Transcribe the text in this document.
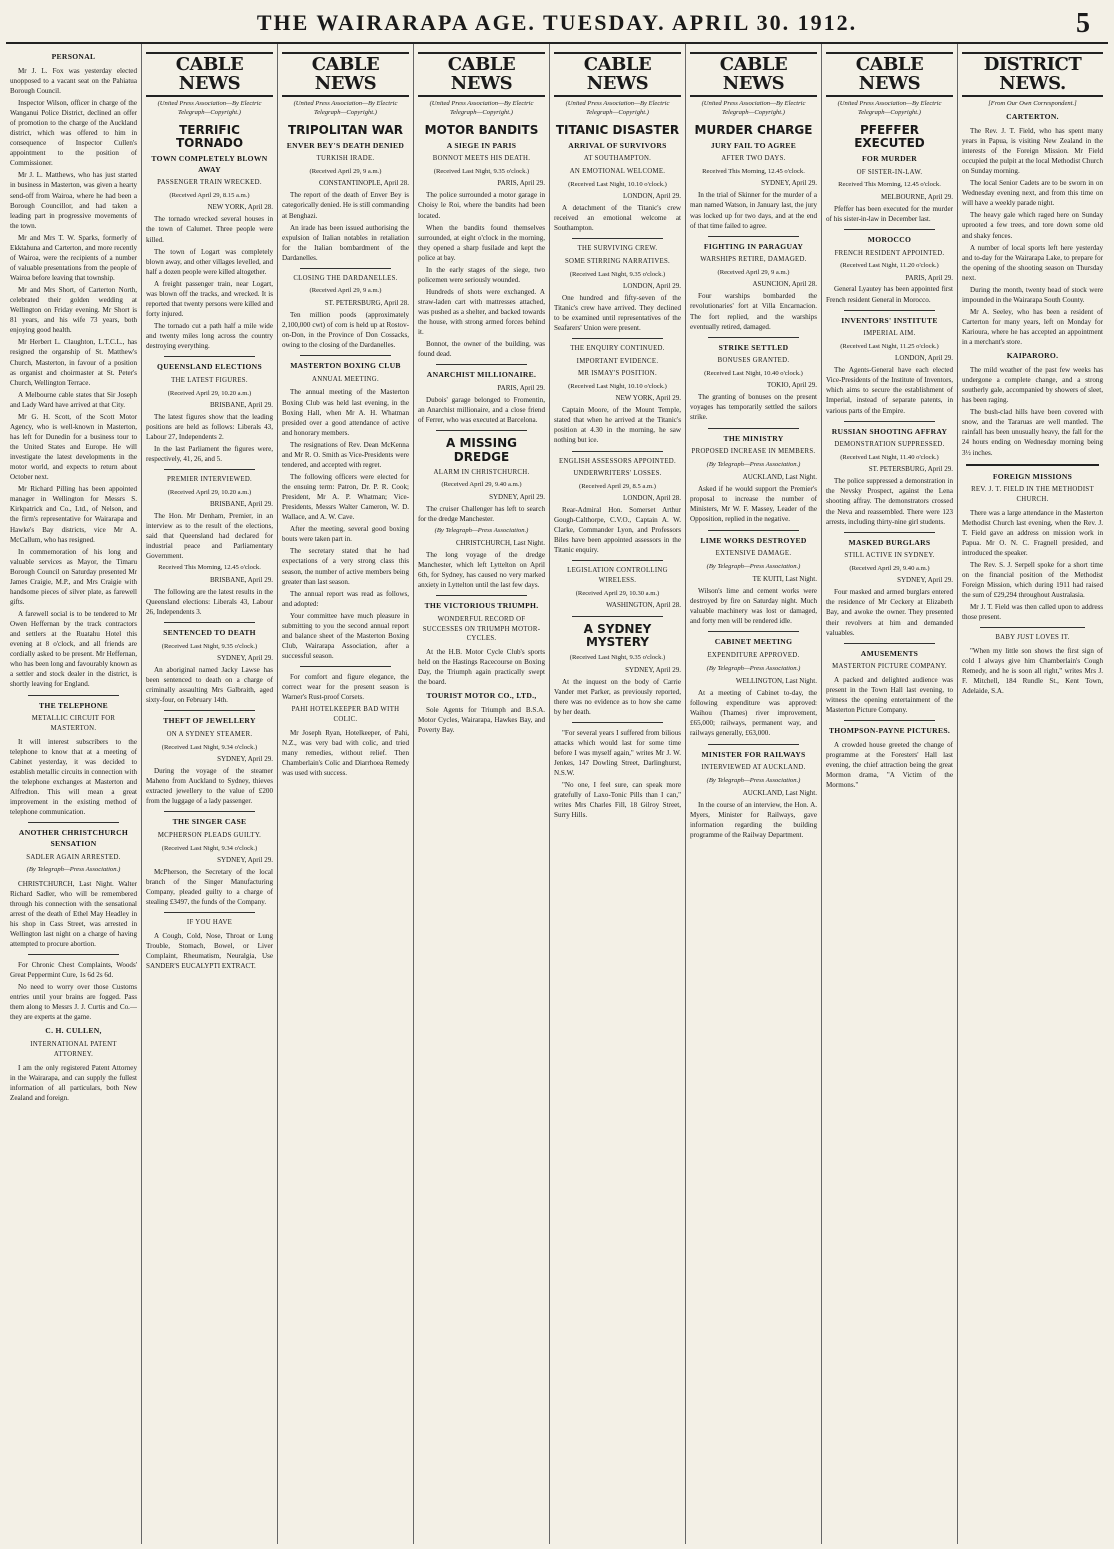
THE WAIRARAPA AGE. TUESDAY. APRIL 30. 1912.	5
PERSONAL
Mr J. L. Fox was yesterday elected unopposed to a vacant seat on the Pahiatua Borough Council.
Inspector Wilson, officer in charge of the Wanganui Police District, declined an offer of promotion to the charge of the Auckland district, which was offered to him in consequence of Inspector Cullen's appointment to the position of Commissioner.
Mr J. L. Matthews, who has just started in business in Masterton, was given a hearty send-off from Wairoa, where he had been a Borough Councillor, and had taken a leading part in progressive movements of the town.
Mr and Mrs T. W. Sparks, formerly of Ekktahuna and Carterton, and more recently of Wairoa, were the recipients of a number of valuable presentations from the people of Wairoa before leaving that township.
Mr and Mrs Short, of Carterton North, celebrated their golden wedding at Wellington on Friday evening. Mr Short is 81 years, and his wife 73 years, both enjoying good health.
Mr Herbert L. Claughton, L.T.C.L., has resigned the organship of St. Matthew's Church, Masterton, in favour of a position as organist and choirmaster at St. Peter's Church, Wellington Terrace.
A Melbourne cable states that Sir Joseph and Lady Ward have arrived at that City.
Mr G. H. Scott, of the Scott Motor Agency, who is well-known in Masterton, has left for Dunedin for a business tour to the United States and Europe. He will investigate the latest developments in the motor world, and expects to return about October next.
Mr Richard Pilling has been appointed manager in Wellington for Messrs S. Kirkpatrick and Co., Ltd., of Nelson, and the firm's representative for Wairarapa and Hawke's Bay districts, vice Mr A. McCallum, who has resigned.
In commemoration of his long and valuable services as Mayor, the Timaru Borough Council on Saturday presented Mr James Craigie, M.P., and Mrs Craigie with handsome pieces of silver plate, as farewell gifts.
A farewell social is to be tendered to Mr Owen Heffernan by the track contractors and settlers at the Ruatahu Hotel this evening at 8 o'clock, and all friends are cordially asked to be present. Mr Heffernan, who has been long and favourably known as a settler and stock dealer in the district, is shortly leaving for England.
THE TELEPHONE
METALLIC CIRCUIT FOR MASTERTON.
It will interest subscribers to the telephone to know that at a meeting of Cabinet yesterday, it was decided to establish metallic circuits in connection with the telephone exchanges at Masterton and Alfredton. This will mean a great improvement in the existing method of telephone communication.
ANOTHER CHRISTCHURCH SENSATION
SADLER AGAIN ARRESTED.
(By Telegraph—Press Association.)
CHRISTCHURCH, Last Night. Walter Richard Sadler, who will be remembered through his connection with the sensational arrest of the death of Ethel May Headley in his shop in Cass Street, was arrested in Wellington last night on a charge of having attempted to procure abortion.
For Chronic Chest Complaints, Woods' Great Peppermint Cure, 1s 6d 2s 6d.
No need to worry over those Customs entries until your brains are fogged. Pass them along to Messrs J. J. Curtis and Co.—they are experts at the game.
C. H. CULLEN,
INTERNATIONAL PATENT ATTORNEY.
I am the only registered Patent Attorney in the Wairarapa, and can supply the fullest information of all particulars, both New Zealand and foreign.
CABLE NEWS
(United Press Association—By Electric Telegraph—Copyright.)
TERRIFIC TORNADO
TOWN COMPLETELY BLOWN AWAY
PASSENGER TRAIN WRECKED.
(Received April 29, 8.15 a.m.)
NEW YORK, April 28.
The tornado wrecked several houses in the town of Calumet. Three people were killed.
The town of Logart was completely blown away, and other villages levelled, and half a dozen people were killed altogether.
A freight passenger train, near Logart, was blown off the tracks, and wrecked. It is reported that twenty persons were killed and forty injured.
The tornado cut a path half a mile wide and twenty miles long across the country destroying everything.
QUEENSLAND ELECTIONS
THE LATEST FIGURES.
(Received April 29, 10.20 a.m.)
BRISBANE, April 29.
The latest figures show that the leading positions are held as follows: Liberals 43, Labour 27, Independents 2.
In the last Parliament the figures were, respectively, 41, 26, and 5.
PREMIER INTERVIEWED.
(Received April 29, 10.20 a.m.)
BRISBANE, April 29.
The Hon. Mr Denham, Premier, in an interview as to the result of the elections, said that Queensland had declared for industrial peace and Parliamentary Government.
Received This Morning, 12.45 o'clock.
BRISBANE, April 29.
The following are the latest results in the Queensland elections: Liberals 43, Labour 26, Independents 3.
SENTENCED TO DEATH
(Received Last Night, 9.35 o'clock.)
SYDNEY, April 29.
An aboriginal named Jacky Lawse has been sentenced to death on a charge of criminally assaulting Mrs Galbraith, aged sixty-four, on February 14th.
THEFT OF JEWELLERY
ON A SYDNEY STEAMER.
(Received Last Night, 9.34 o'clock.)
SYDNEY, April 29.
During the voyage of the steamer Maheno from Auckland to Sydney, thieves extracted jewellery to the value of £200 from the luggage of a lady passenger.
THE SINGER CASE
MCPHERSON PLEADS GUILTY.
(Received Last Night, 9.34 o'clock.)
SYDNEY, April 29.
McPherson, the Secretary of the local branch of the Singer Manufacturing Company, pleaded guilty to a charge of stealing £3497, the funds of the Company.
IF YOU HAVE
A Cough, Cold, Nose, Throat or Lung Trouble, Stomach, Bowel, or Liver Complaint, Rheumatism, Neuralgia, Use SANDER'S EUCALYPTI EXTRACT.
CABLE NEWS
(United Press Association—By Electric Telegraph—Copyright.)
TRIPOLITAN WAR
ENVER BEY'S DEATH DENIED
TURKISH IRADE.
(Received April 29, 9 a.m.)
CONSTANTINOPLE, April 28.
The report of the death of Enver Bey is categorically denied. He is still commanding at Benghazi.
An irade has been issued authorising the expulsion of Italian notables in retaliation for the Italian bombardment of the Dardanelles.
CLOSING THE DARDANELLES.
(Received April 29, 9 a.m.)
ST. PETERSBURG, April 28.
Ten million poods (approximately 2,100,000 cwt) of corn is held up at Rostov-on-Don, in the Province of Don Cossacks, owing to the closing of the Dardanelles.
MASTERTON BOXING CLUB
ANNUAL MEETING.
The annual meeting of the Masterton Boxing Club was held last evening, in the Boxing Hall, when Mr A. H. Whatman presided over a good attendance of active and honorary members.
The resignations of Rev. Dean McKenna and Mr R. O. Smith as Vice-Presidents were tendered, and accepted with regret.
The following officers were elected for the ensuing term: Patron, Dr. P. R. Cook; President, Mr A. P. Whatman; Vice-Presidents, Messrs Walter Cameron, W. D. Wallace, and A. W. Cave.
After the meeting, several good boxing bouts were taken part in.
The secretary stated that he had expectations of a very strong class this season, the number of active members being greater than last season.
The annual report was read as follows, and adopted:
Your committee have much pleasure in submitting to you the second annual report and balance sheet of the Masterton Boxing Club, Wairarapa Association, after a successful season.
For comfort and figure elegance, the correct wear for the present season is Warner's Rust-proof Corsets.
PAHI HOTELKEEPER BAD WITH COLIC.
Mr Joseph Ryan, Hotelkeeper, of Pahi, N.Z., was very bad with colic, and tried many remedies, without relief. Then Chamberlain's Colic and Diarrhoea Remedy was used with success.
CABLE NEWS
(United Press Association—By Electric Telegraph—Copyright.)
MOTOR BANDITS
A SIEGE IN PARIS
BONNOT MEETS HIS DEATH.
(Received Last Night, 9.35 o'clock.)
PARIS, April 29.
The police surrounded a motor garage in Choisy le Roi, where the bandits had been located.
When the bandits found themselves surrounded, at eight o'clock in the morning, they opened a sharp fusilade and kept the police at bay.
In the early stages of the siege, two policemen were seriously wounded.
Hundreds of shots were exchanged. A straw-laden cart with mattresses attached, was pushed as a shelter, and backed towards the house, with strong armed forces behind it.
Bonnot, the owner of the building, was found dead.
ANARCHIST MILLIONAIRE.
PARIS, April 29.
Dubois' garage belonged to Fromentin, an Anarchist millionaire, and a close friend of Ferrer, who was executed at Barcelona.
A MISSING DREDGE
ALARM IN CHRISTCHURCH.
(Received April 29, 9.40 a.m.)
SYDNEY, April 29.
The cruiser Challenger has left to search for the dredge Manchester.
(By Telegraph—Press Association.)
CHRISTCHURCH, Last Night.
The long voyage of the dredge Manchester, which left Lyttelton on April 6th, for Sydney, has caused no very marked anxiety in Lyttelton until the last few days.
THE VICTORIOUS TRIUMPH.
WONDERFUL RECORD OF SUCCESSES ON TRIUMPH MOTOR-CYCLES.
At the H.B. Motor Cycle Club's sports held on the Hastings Racecourse on Boxing Day, the Triumph again practically swept the board.
TOURIST MOTOR CO., LTD.,
Sole Agents for Triumph and B.S.A. Motor Cycles, Wairarapa, Hawkes Bay, and Poverty Bay.
CABLE NEWS
(United Press Association—By Electric Telegraph—Copyright.)
TITANIC DISASTER
ARRIVAL OF SURVIVORS
AT SOUTHAMPTON.
AN EMOTIONAL WELCOME.
(Received Last Night, 10.10 o'clock.)
LONDON, April 29.
A detachment of the Titanic's crew received an emotional welcome at Southampton.
THE SURVIVING CREW.
SOME STIRRING NARRATIVES.
(Received Last Night, 9.35 o'clock.)
LONDON, April 29.
One hundred and fifty-seven of the Titanic's crew have arrived. They declined to be examined until representatives of the Seafarers' Union were present.
THE ENQUIRY CONTINUED.
IMPORTANT EVIDENCE.
MR ISMAY'S POSITION.
(Received Last Night, 10.10 o'clock.)
NEW YORK, April 29.
Captain Moore, of the Mount Temple, stated that when he arrived at the Titanic's position at 4.30 in the morning, he saw nothing but ice.
ENGLISH ASSESSORS APPOINTED.
UNDERWRITERS' LOSSES.
(Received April 29, 8.5 a.m.)
LONDON, April 28.
Rear-Admiral Hon. Somerset Arthur Gough-Calthorpe, C.V.O., Captain A. W. Clarke, Commander Lyon, and Professors Biles have been appointed assessors in the Titanic enquiry.
LEGISLATION CONTROLLING WIRELESS.
(Received April 29, 10.30 a.m.)
WASHINGTON, April 28.
A SYDNEY MYSTERY
(Received Last Night, 9.35 o'clock.)
SYDNEY, April 29.
At the inquest on the body of Carrie Vander met Parker, as previously reported, there was no evidence as to how she came by her death.
"For several years I suffered from bilious attacks which would last for some time before I was myself again," writes Mr J. W. Jenkes, 147 Dowling Street, Darlinghurst, N.S.W.
"No one, I feel sure, can speak more gratefully of Laxo-Tonic Pills than I can," writes Mrs Charles Fill, 18 Gilroy Street, Surry Hills.
CABLE NEWS
(United Press Association—By Electric Telegraph—Copyright.)
MURDER CHARGE
JURY FAIL TO AGREE
AFTER TWO DAYS.
Received This Morning, 12.45 o'clock.
SYDNEY, April 29.
In the trial of Skinner for the murder of a man named Watson, in January last, the jury was locked up for two days, and at the end of that time failed to agree.
FIGHTING IN PARAGUAY
WARSHIPS RETIRE, DAMAGED.
(Received April 29, 9 a.m.)
ASUNCION, April 28.
Four warships bombarded the revolutionaries' fort at Villa Encarnacion. The fort replied, and the warships eventually retired, damaged.
STRIKE SETTLED
BONUSES GRANTED.
(Received Last Night, 10.40 o'clock.)
TOKIO, April 29.
The granting of bonuses on the present voyages has temporarily settled the sailors strike.
THE MINISTRY
PROPOSED INCREASE IN MEMBERS.
(By Telegraph—Press Association.)
AUCKLAND, Last Night.
Asked if he would support the Premier's proposal to increase the number of Ministers, Mr W. F. Massey, Leader of the Opposition, replied in the negative.
LIME WORKS DESTROYED
EXTENSIVE DAMAGE.
(By Telegraph—Press Association.)
TE KUITI, Last Night.
Wilson's lime and cement works were destroyed by fire on Saturday night. Much valuable machinery was lost or damaged, and forty men will be rendered idle.
CABINET MEETING
EXPENDITURE APPROVED.
(By Telegraph—Press Association.)
WELLINGTON, Last Night.
At a meeting of Cabinet to-day, the following expenditure was approved: Waihou (Thames) river improvement, £65,000; railways, permanent way, and railways generally, £63,000.
MINISTER FOR RAILWAYS
INTERVIEWED AT AUCKLAND.
(By Telegraph—Press Association.)
AUCKLAND, Last Night.
In the course of an interview, the Hon. A. Myers, Minister for Railways, gave information regarding the building programme of the Railway Department.
CABLE NEWS
(United Press Association—By Electric Telegraph—Copyright.)
PFEFFER EXECUTED
FOR MURDER
OF SISTER-IN-LAW.
Received This Morning, 12.45 o'clock.
MELBOURNE, April 29.
Pfeffer has been executed for the murder of his sister-in-law in December last.
MOROCCO
FRENCH RESIDENT APPOINTED.
(Received Last Night, 11.20 o'clock.)
PARIS, April 29.
General Lyautey has been appointed first French resident General in Morocco.
INVENTORS' INSTITUTE
IMPERIAL AIM.
(Received Last Night, 11.25 o'clock.)
LONDON, April 29.
The Agents-General have each elected Vice-Presidents of the Institute of Inventors, which aims to secure the establishment of Imperial, instead of separate patents, in various parts of the Empire.
RUSSIAN SHOOTING AFFRAY
DEMONSTRATION SUPPRESSED.
(Received Last Night, 11.40 o'clock.)
ST. PETERSBURG, April 29.
The police suppressed a demonstration in the Nevsky Prospect, against the Lena shooting affray. The demonstrators crossed the Neva and reassembled. There were 123 arrests, including thirty-nine girl students.
MASKED BURGLARS
STILL ACTIVE IN SYDNEY.
(Received April 29, 9.40 a.m.)
SYDNEY, April 29.
Four masked and armed burglars entered the residence of Mr Ceckery at Elizabeth Bay, and awoke the owner. They presented their revolvers at him and demanded valuables.
AMUSEMENTS
MASTERTON PICTURE COMPANY.
A packed and delighted audience was present in the Town Hall last evening, to witness the opening entertainment of the Masterton Picture Company.
THOMPSON-PAYNE PICTURES.
A crowded house greeted the change of programme at the Foresters' Hall last evening, the chief attraction being the great Mormon drama, "A Victim of the Mormons."
DISTRICT NEWS.
[From Our Own Correspondent.]
CARTERTON.
The Rev. J. T. Field, who has spent many years in Papua, is visiting New Zealand in the interests of the Foreign Mission. Mr Field occupied the pulpit at the local Methodist Church on Sunday morning.
The local Senior Cadets are to be sworn in on Wednesday evening next, and from this time on will have a weekly parade night.
The heavy gale which raged here on Sunday uprooted a few trees, and tore down some old and shaky fences.
A number of local sports left here yesterday and to-day for the Wairarapa Lake, to prepare for the opening of the shooting season on Thursday next.
During the month, twenty head of stock were impounded in the Wairarapa South County.
Mr A. Seeley, who has been a resident of Carterton for many years, left on Monday for Karioura, where he has accepted an appointment in a merchant's store.
KAIPARORO.
The mild weather of the past few weeks has undergone a complete change, and a strong southerly gale, accompanied by showers of sleet, has been raging.
The bush-clad hills have been covered with snow, and the Tararuas are well mantled. The rainfall has been unusually heavy, the fall for the 24 hours ending on Wednesday morning being 3½ inches.
FOREIGN MISSIONS
REV. J. T. FIELD IN THE METHODIST CHURCH.
There was a large attendance in the Masterton Methodist Church last evening, when the Rev. J. T. Field gave an address on mission work in Papua. Mr O. N. C. Fragnell presided, and introduced the speaker.
The Rev. S. J. Serpell spoke for a short time on the financial position of the Methodist Foreign Mission, which during 1911 had raised the sum of £29,294 throughout Australasia.
Mr J. T. Field was then called upon to address those present.
BABY JUST LOVES IT.
"When my little son shows the first sign of cold I always give him Chamberlain's Cough Remedy, and he is soon all right," writes Mrs J. F. Mitchell, 184 Rundle St., Kent Town, Adelaide, S.A.
